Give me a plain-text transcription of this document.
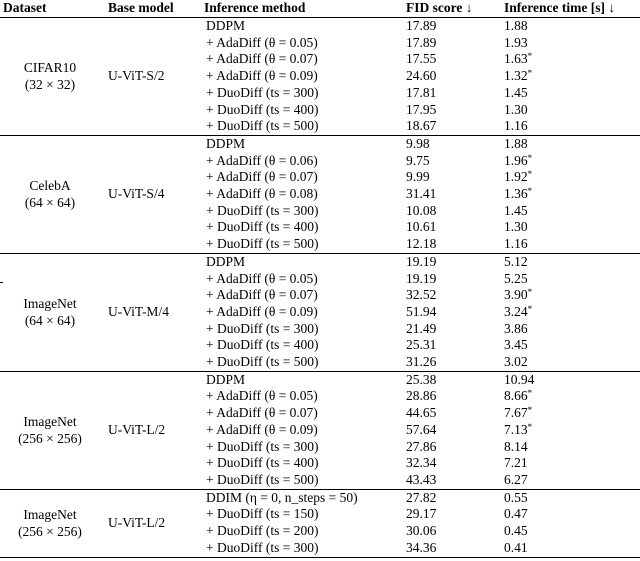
Dataset	Base model	Inference method	FID score ↓	Inference time [s] ↓

CIFAR10
(32 × 32)	U-ViT-S/2	DDPM	17.89	1.88
		+ AdaDiff (θ = 0.05)	17.89	1.93
		+ AdaDiff (θ = 0.07)	17.55	1.63*
		+ AdaDiff (θ = 0.09)	24.60	1.32*
		+ DuoDiff (ts = 300)	17.81	1.45
		+ DuoDiff (ts = 400)	17.95	1.30
		+ DuoDiff (ts = 500)	18.67	1.16

CelebA
(64 × 64)	U-ViT-S/4	DDPM	9.98	1.88
		+ AdaDiff (θ = 0.06)	9.75	1.96*
		+ AdaDiff (θ = 0.07)	9.99	1.92*
		+ AdaDiff (θ = 0.08)	31.41	1.36*
		+ DuoDiff (ts = 300)	10.08	1.45
		+ DuoDiff (ts = 400)	10.61	1.30
		+ DuoDiff (ts = 500)	12.18	1.16

ImageNet
(64 × 64)	U-ViT-M/4	DDPM	19.19	5.12
		+ AdaDiff (θ = 0.05)	19.19	5.25
		+ AdaDiff (θ = 0.07)	32.52	3.90*
		+ AdaDiff (θ = 0.09)	51.94	3.24*
		+ DuoDiff (ts = 300)	21.49	3.86
		+ DuoDiff (ts = 400)	25.31	3.45
		+ DuoDiff (ts = 500)	31.26	3.02

ImageNet
(256 × 256)	U-ViT-L/2	DDPM	25.38	10.94
		+ AdaDiff (θ = 0.05)	28.86	8.66*
		+ AdaDiff (θ = 0.07)	44.65	7.67*
		+ AdaDiff (θ = 0.09)	57.64	7.13*
		+ DuoDiff (ts = 300)	27.86	8.14
		+ DuoDiff (ts = 400)	32.34	7.21
		+ DuoDiff (ts = 500)	43.43	6.27

ImageNet
(256 × 256)	U-ViT-L/2	DDIM (η = 0, n_steps = 50)	27.82	0.55
		+ DuoDiff (ts = 150)	29.17	0.47
		+ DuoDiff (ts = 200)	30.06	0.45
		+ DuoDiff (ts = 300)	34.36	0.41
